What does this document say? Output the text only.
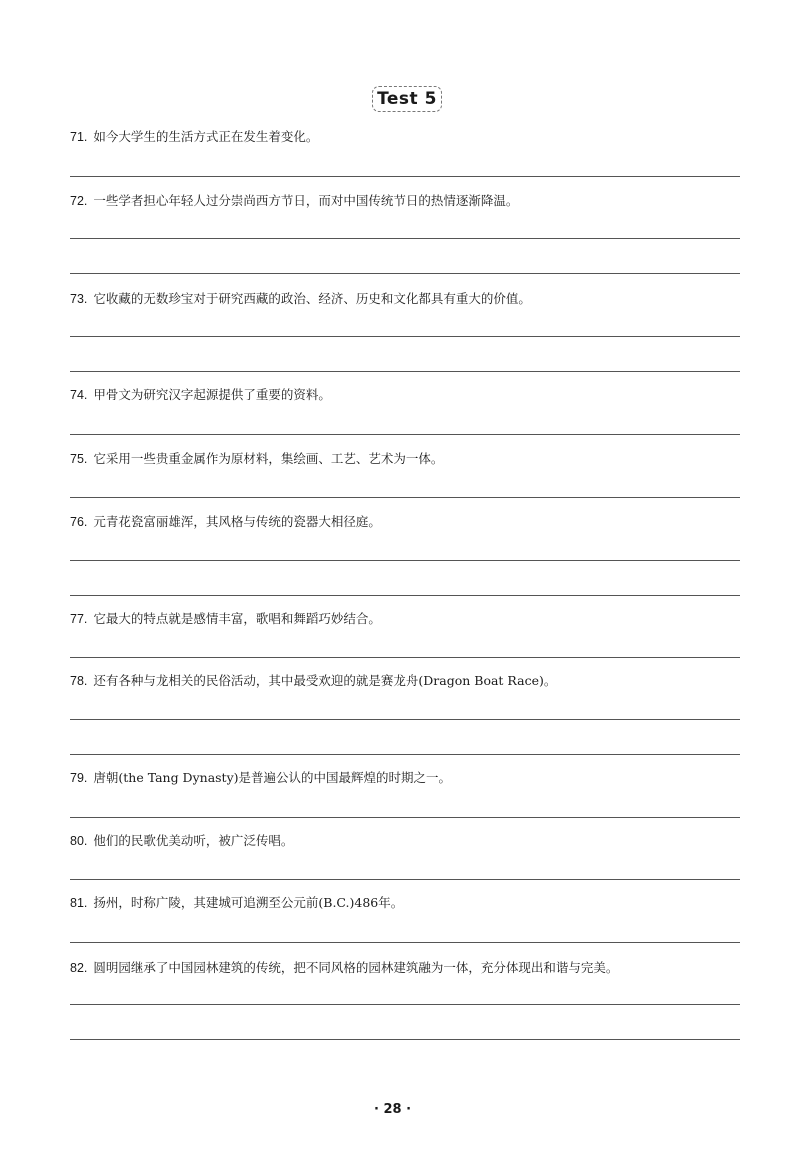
Test 5
71. 如今大学生的生活方式正在发生着变化。
72. 一些学者担心年轻人过分崇尚西方节日，而对中国传统节日的热情逐渐降温。
73. 它收藏的无数珍宝对于研究西藏的政治、经济、历史和文化都具有重大的价值。
74. 甲骨文为研究汉字起源提供了重要的资料。
75. 它采用一些贵重金属作为原材料，集绘画、工艺、艺术为一体。
76. 元青花瓷富丽雄浑，其风格与传统的瓷器大相径庭。
77. 它最大的特点就是感情丰富，歌唱和舞蹈巧妙结合。
78. 还有各种与龙相关的民俗活动，其中最受欢迎的就是赛龙舟(Dragon Boat Race)。
79. 唐朝(the Tang Dynasty)是普遍公认的中国最辉煌的时期之一。
80. 他们的民歌优美动听，被广泛传唱。
81. 扬州，时称广陵，其建城可追溯至公元前(B.C.)486年。
82. 圆明园继承了中国园林建筑的传统，把不同风格的园林建筑融为一体，充分体现出和谐与完美。
· 28 ·
